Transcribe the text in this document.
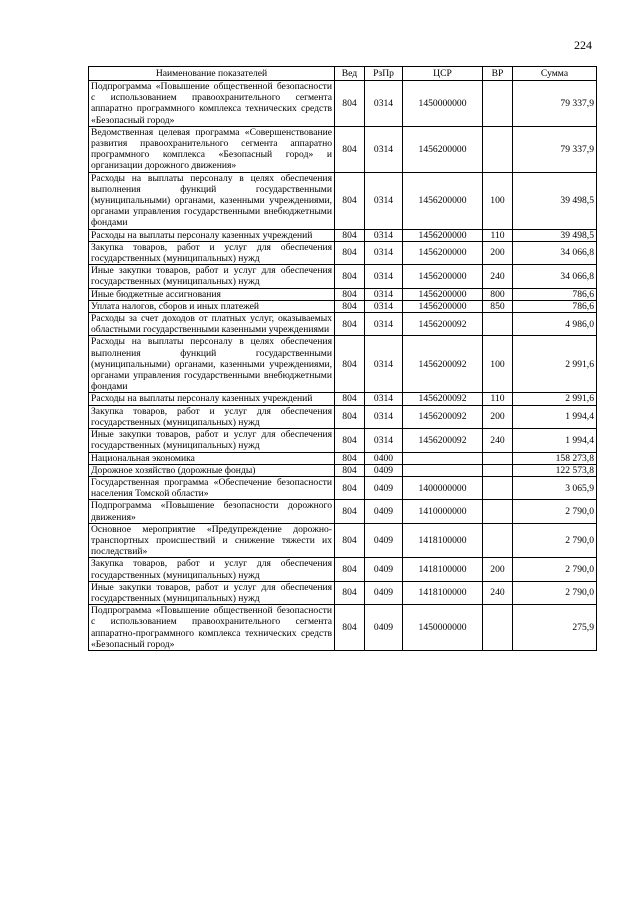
224
Наименование показателей	Вед	РзПр	ЦСР	ВР	Сумма
Подпрограмма «Повышение общественной безопасности с использованием правоохранительного сегмента аппаратно программного комплекса технических средств «Безопасный город»	804	0314	1450000000		79 337,9
Ведомственная целевая программа «Совершенствование развития правоохранительного сегмента аппаратно программного комплекса «Безопасный город» и организации дорожного движения»	804	0314	1456200000		79 337,9
Расходы на выплаты персоналу в целях обеспечения выполнения функций государственными (муниципальными) органами, казенными учреждениями, органами управления государственными внебюджетными фондами	804	0314	1456200000	100	39 498,5
Расходы на выплаты персоналу казенных учреждений	804	0314	1456200000	110	39 498,5
Закупка товаров, работ и услуг для обеспечения государственных (муниципальных) нужд	804	0314	1456200000	200	34 066,8
Иные закупки товаров, работ и услуг для обеспечения государственных (муниципальных) нужд	804	0314	1456200000	240	34 066,8
Иные бюджетные ассигнования	804	0314	1456200000	800	786,6
Уплата налогов, сборов и иных платежей	804	0314	1456200000	850	786,6
Расходы за счет доходов от платных услуг, оказываемых областными государственными казенными учреждениями	804	0314	1456200092		4 986,0
Расходы на выплаты персоналу в целях обеспечения выполнения функций государственными (муниципальными) органами, казенными учреждениями, органами управления государственными внебюджетными фондами	804	0314	1456200092	100	2 991,6
Расходы на выплаты персоналу казенных учреждений	804	0314	1456200092	110	2 991,6
Закупка товаров, работ и услуг для обеспечения государственных (муниципальных) нужд	804	0314	1456200092	200	1 994,4
Иные закупки товаров, работ и услуг для обеспечения государственных (муниципальных) нужд	804	0314	1456200092	240	1 994,4
Национальная экономика	804	0400			158 273,8
Дорожное хозяйство (дорожные фонды)	804	0409			122 573,8
Государственная программа «Обеспечение безопасности населения Томской области»	804	0409	1400000000		3 065,9
Подпрограмма «Повышение безопасности дорожного движения»	804	0409	1410000000		2 790,0
Основное мероприятие «Предупреждение дорожно-транспортных происшествий и снижение тяжести их последствий»	804	0409	1418100000		2 790,0
Закупка товаров, работ и услуг для обеспечения государственных (муниципальных) нужд	804	0409	1418100000	200	2 790,0
Иные закупки товаров, работ и услуг для обеспечения государственных (муниципальных) нужд	804	0409	1418100000	240	2 790,0
Подпрограмма «Повышение общественной безопасности с использованием правоохранительного сегмента аппаратно-программного комплекса технических средств «Безопасный город»	804	0409	1450000000		275,9
